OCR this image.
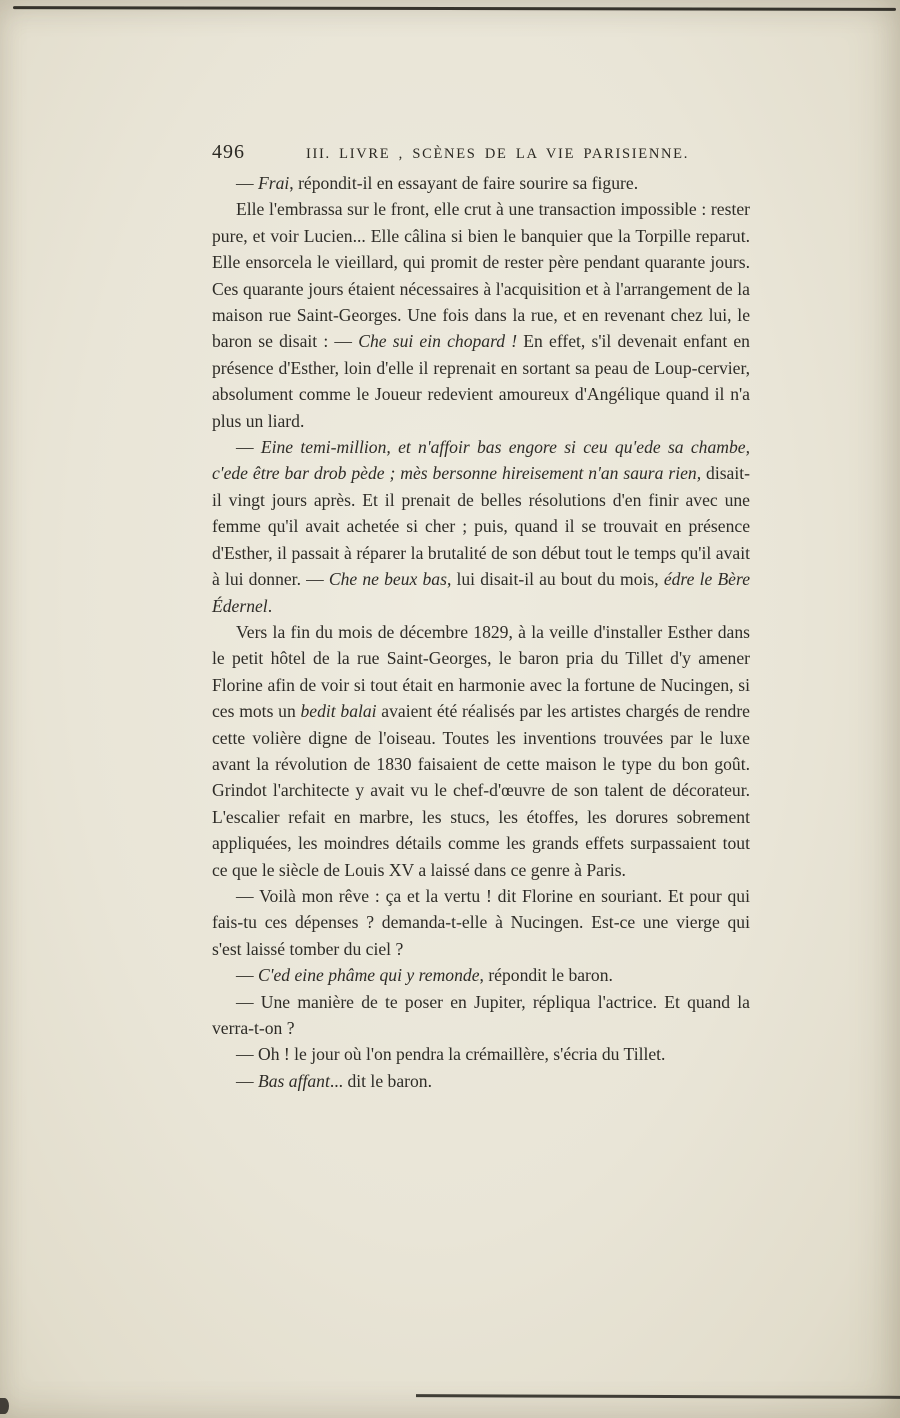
496	III. LIVRE , SCÈNES DE LA VIE PARISIENNE.

— Frai, répondit-il en essayant de faire sourire sa figure.

Elle l'embrassa sur le front, elle crut à une transaction impossible : rester pure, et voir Lucien... Elle câlina si bien le banquier que la Torpille reparut. Elle ensorcela le vieillard, qui promit de rester père pendant quarante jours. Ces quarante jours étaient nécessaires à l'acquisition et à l'arrangement de la maison rue Saint-Georges. Une fois dans la rue, et en revenant chez lui, le baron se disait : — Che sui ein chopard ! En effet, s'il devenait enfant en présence d'Esther, loin d'elle il reprenait en sortant sa peau de Loup-cervier, absolument comme le Joueur redevient amoureux d'Angélique quand il n'a plus un liard.

— Eine temi-million, et n'affoir bas engore si ceu qu'ede sa chambe, c'ede être bar drob pède ; mès bersonne hireisement n'an saura rien, disait-il vingt jours après. Et il prenait de belles résolutions d'en finir avec une femme qu'il avait achetée si cher ; puis, quand il se trouvait en présence d'Esther, il passait à réparer la brutalité de son début tout le temps qu'il avait à lui donner. — Che ne beux bas, lui disait-il au bout du mois, édre le Bère Édernel.

Vers la fin du mois de décembre 1829, à la veille d'installer Esther dans le petit hôtel de la rue Saint-Georges, le baron pria du Tillet d'y amener Florine afin de voir si tout était en harmonie avec la fortune de Nucingen, si ces mots un bedit balai avaient été réalisés par les artistes chargés de rendre cette volière digne de l'oiseau. Toutes les inventions trouvées par le luxe avant la révolution de 1830 faisaient de cette maison le type du bon goût. Grindot l'architecte y avait vu le chef-d'œuvre de son talent de décorateur. L'escalier refait en marbre, les stucs, les étoffes, les dorures sobrement appliquées, les moindres détails comme les grands effets surpassaient tout ce que le siècle de Louis XV a laissé dans ce genre à Paris.

— Voilà mon rêve : ça et la vertu ! dit Florine en souriant. Et pour qui fais-tu ces dépenses ? demanda-t-elle à Nucingen. Est-ce une vierge qui s'est laissé tomber du ciel ?

— C'ed eine phâme qui y remonde, répondit le baron.

— Une manière de te poser en Jupiter, répliqua l'actrice. Et quand la verra-t-on ?

— Oh ! le jour où l'on pendra la crémaillère, s'écria du Tillet.

— Bas affant... dit le baron.
